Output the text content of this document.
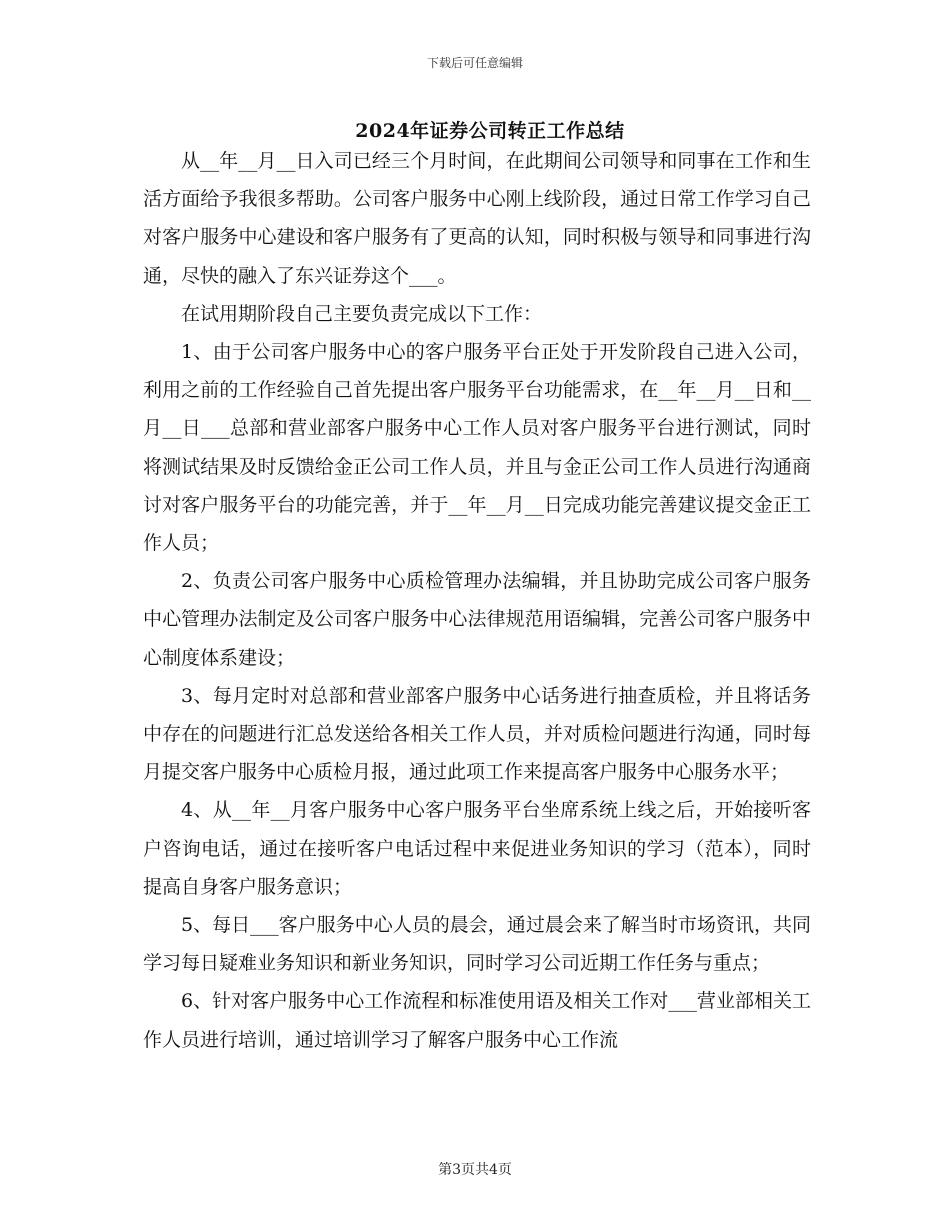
下载后可任意编辑
2024年证券公司转正工作总结

从__年__月__日入司已经三个月时间，在此期间公司领导和同事在工作和生活方面给予我很多帮助。公司客户服务中心刚上线阶段，通过日常工作学习自己对客户服务中心建设和客户服务有了更高的认知，同时积极与领导和同事进行沟通，尽快的融入了东兴证券这个___。

在试用期阶段自己主要负责完成以下工作：

1、由于公司客户服务中心的客户服务平台正处于开发阶段自己进入公司，利用之前的工作经验自己首先提出客户服务平台功能需求，在__年__月__日和__月__日___总部和营业部客户服务中心工作人员对客户服务平台进行测试，同时将测试结果及时反馈给金正公司工作人员，并且与金正公司工作人员进行沟通商讨对客户服务平台的功能完善，并于__年__月__日完成功能完善建议提交金正工作人员；

2、负责公司客户服务中心质检管理办法编辑，并且协助完成公司客户服务中心管理办法制定及公司客户服务中心法律规范用语编辑，完善公司客户服务中心制度体系建设；

3、每月定时对总部和营业部客户服务中心话务进行抽查质检，并且将话务中存在的问题进行汇总发送给各相关工作人员，并对质检问题进行沟通，同时每月提交客户服务中心质检月报，通过此项工作来提高客户服务中心服务水平；

4、从__年__月客户服务中心客户服务平台坐席系统上线之后，开始接听客户咨询电话，通过在接听客户电话过程中来促进业务知识的学习（范本），同时提高自身客户服务意识；

5、每日___客户服务中心人员的晨会，通过晨会来了解当时市场资讯，共同学习每日疑难业务知识和新业务知识，同时学习公司近期工作任务与重点；

6、针对客户服务中心工作流程和标准使用语及相关工作对___营业部相关工作人员进行培训，通过培训学习了解客户服务中心工作流

第3页共4页
